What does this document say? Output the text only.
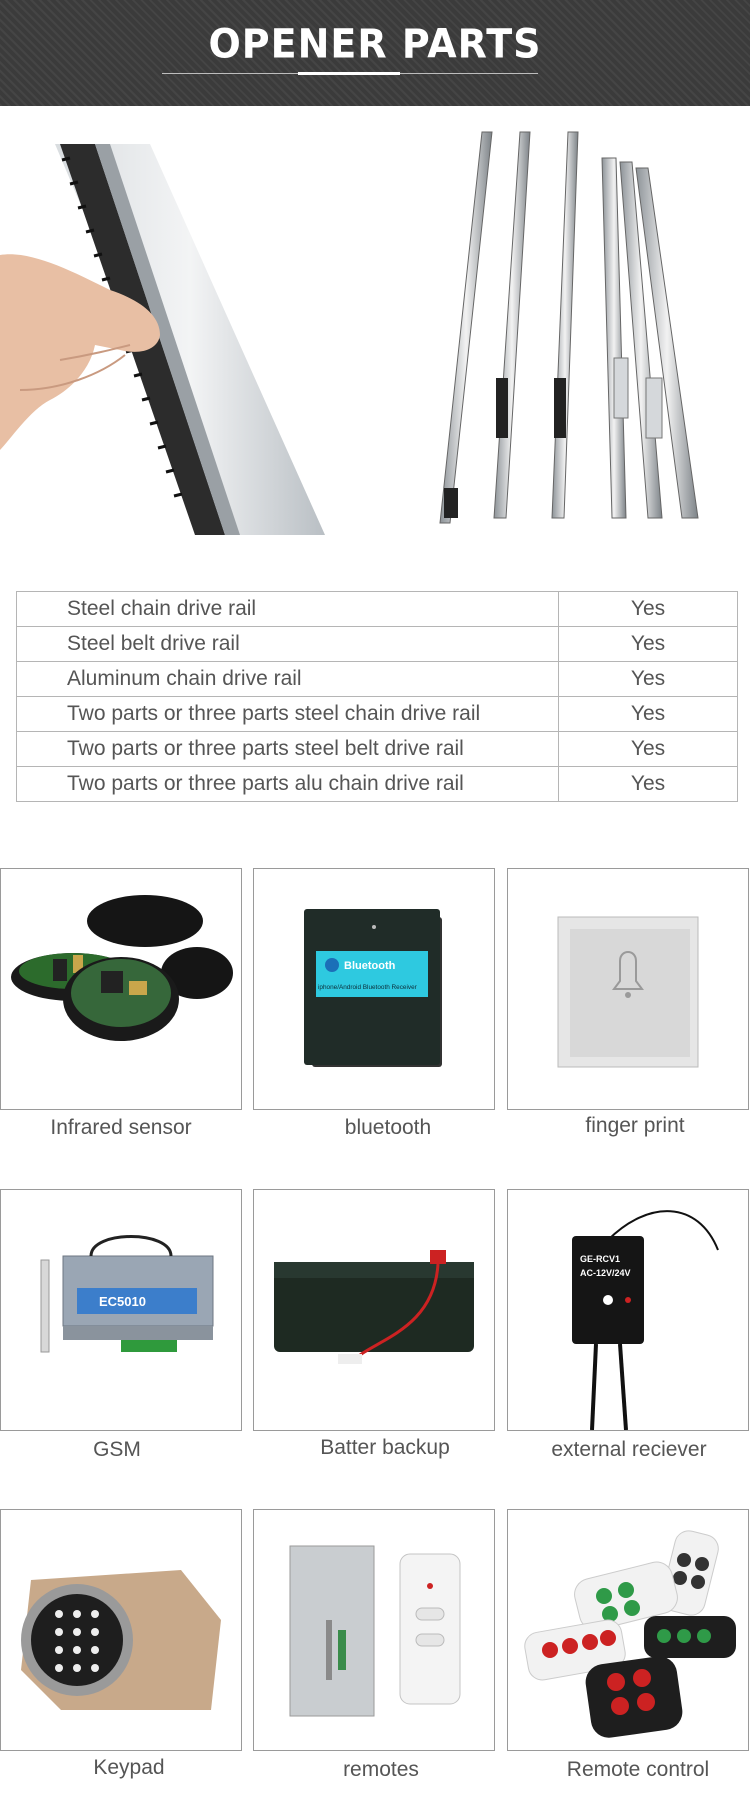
OPENER PARTS
Steel chain drive rail	Yes
Steel belt drive rail	Yes
Aluminum chain drive rail	Yes
Two parts or three parts steel chain drive rail	Yes
Two parts or three parts steel belt drive rail	Yes
Two parts or three parts alu chain drive rail	Yes
Infrared sensor
Bluetooth
iphone/Android Bluetooth Receiver
bluetooth	finger print
EC5010
GSM	Batter backup
GE-RCV1
AC-12V/24V
external reciever
Keypad	remotes	Remote control
